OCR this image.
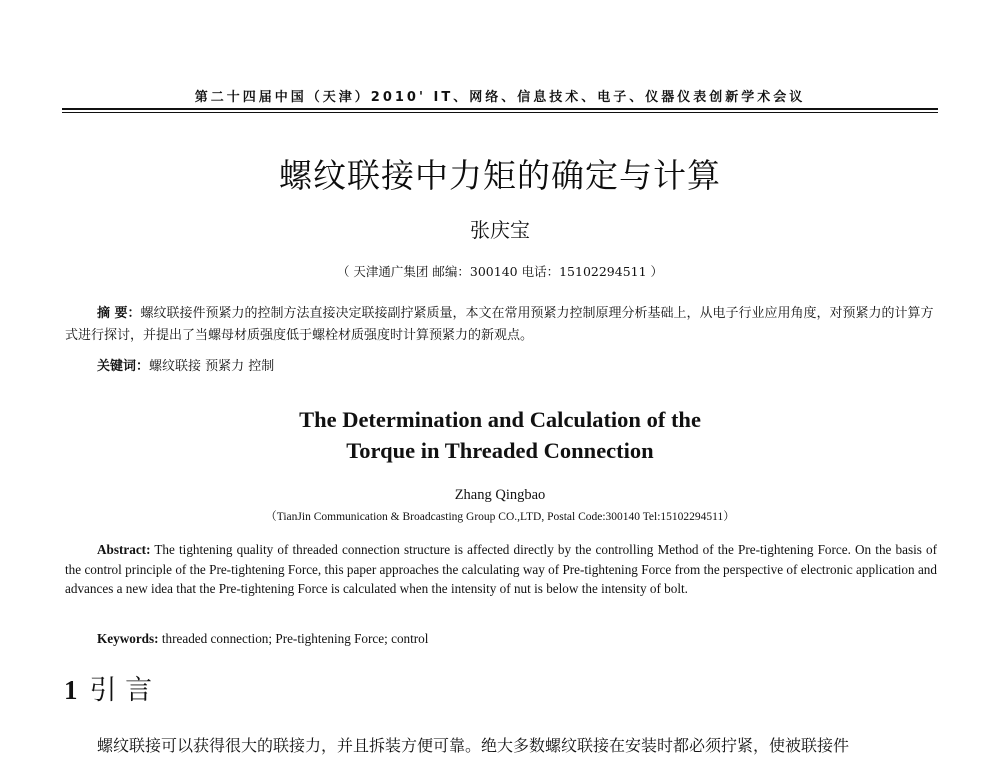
第二十四届中国（天津）2010' IT、网络、信息技术、电子、仪器仪表创新学术会议
螺纹联接中力矩的确定与计算
张庆宝
（ 天津通广集团 邮编：300140 电话：15102294511 ）
摘 要：螺纹联接件预紧力的控制方法直接决定联接副拧紧质量，本文在常用预紧力控制原理分析基础上，从电子行业应用角度，对预紧力的计算方式进行探讨，并提出了当螺母材质强度低于螺栓材质强度时计算预紧力的新观点。
关键词：螺纹联接 预紧力 控制
The Determination and Calculation of the
Torque in Threaded Connection
Zhang Qingbao
（TianJin Communication & Broadcasting Group CO.,LTD, Postal Code:300140 Tel:15102294511）
Abstract: The tightening quality of threaded connection structure is affected directly by the controlling Method of the Pre-tightening Force. On the basis of the control principle of the Pre-tightening Force, this paper approaches the calculating way of Pre-tightening Force from the perspective of electronic application and advances a new idea that the Pre-tightening Force is calculated when the intensity of nut is below the intensity of bolt.
Keywords: threaded connection; Pre-tightening Force; control
1 引 言
螺纹联接可以获得很大的联接力，并且拆装方便可靠。绝大多数螺纹联接在安装时都必须拧紧，使被联接件
